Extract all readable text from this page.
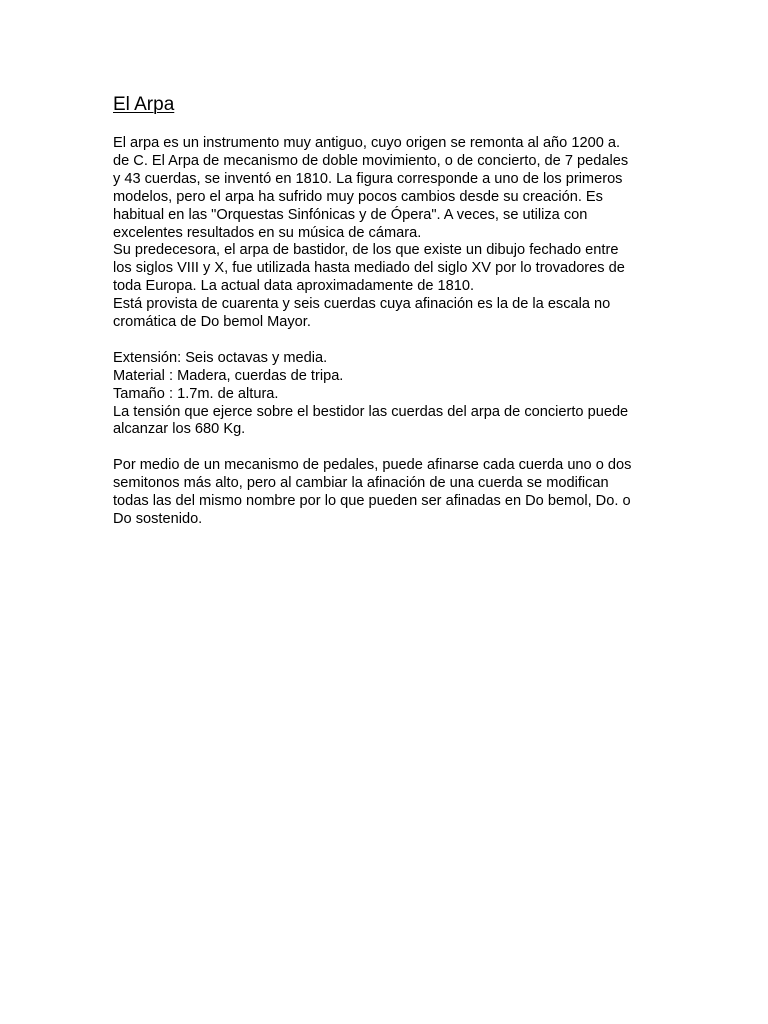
El Arpa

El arpa es un instrumento muy antiguo, cuyo origen se remonta al año 1200 a.

de C. El Arpa de mecanismo de doble movimiento, o de concierto, de 7 pedales

y 43 cuerdas, se inventó en 1810. La figura corresponde a uno de los primeros

modelos, pero el arpa ha sufrido muy pocos cambios desde su creación. Es

habitual en las "Orquestas Sinfónicas y de Ópera". A veces, se utiliza con

excelentes resultados en su música de cámara.

Su predecesora, el arpa de bastidor, de los que existe un dibujo fechado entre

los siglos VIII y X, fue utilizada hasta mediado del siglo XV por lo trovadores de

toda Europa. La actual data aproximadamente de 1810.

Está provista de cuarenta y seis cuerdas cuya afinación es la de la escala no

cromática de Do bemol Mayor.

Extensión: Seis octavas y media.

Material : Madera, cuerdas de tripa.

Tamaño : 1.7m. de altura.

La tensión que ejerce sobre el bestidor las cuerdas del arpa de concierto puede

alcanzar los 680 Kg.

Por medio de un mecanismo de pedales, puede afinarse cada cuerda uno o dos

semitonos más alto, pero al cambiar la afinación de una cuerda se modifican

todas las del mismo nombre por lo que pueden ser afinadas en Do bemol, Do. o

Do sostenido.
